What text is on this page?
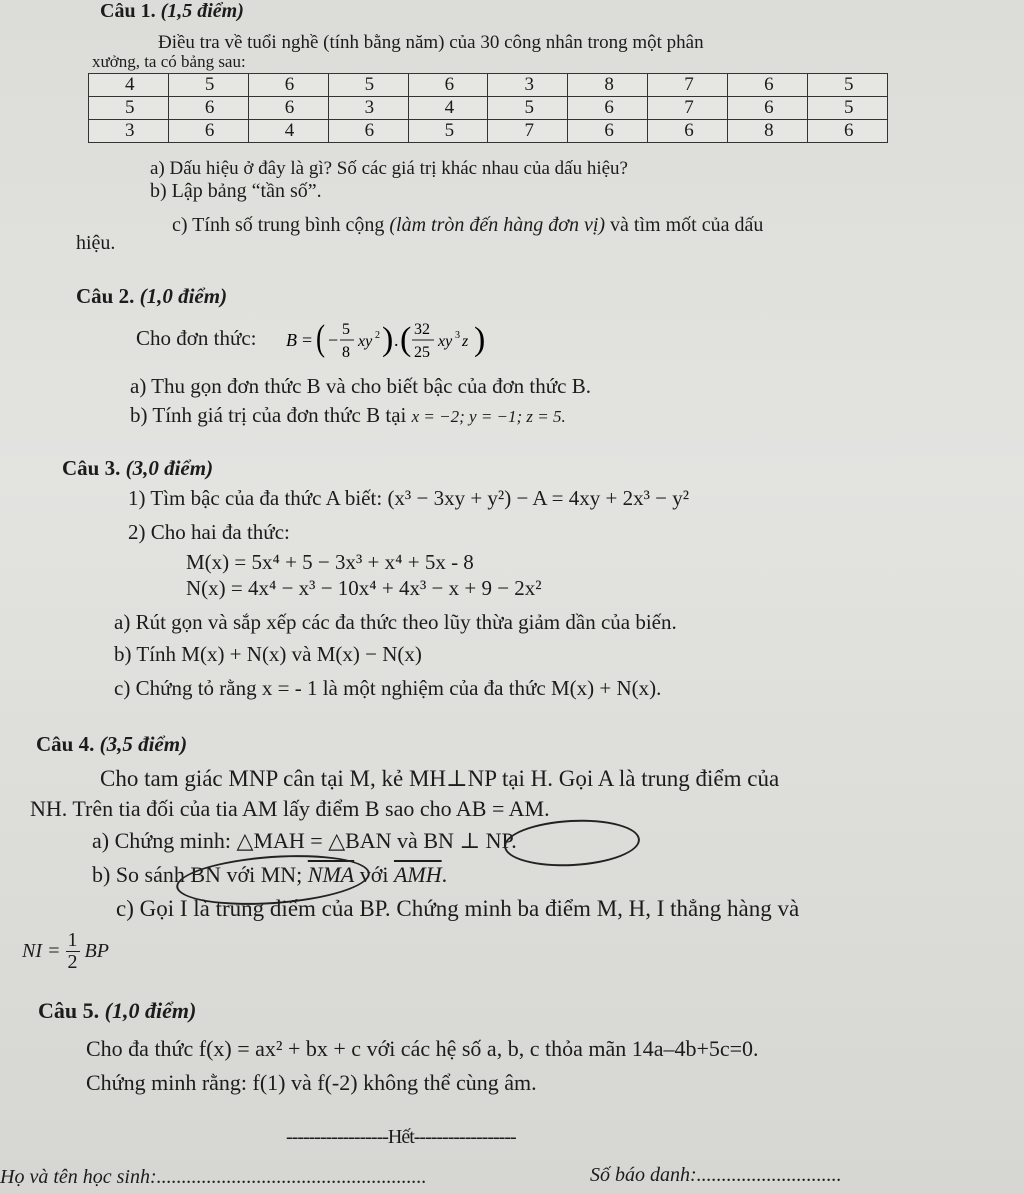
Câu 1. (1,5 điểm)
Điều tra về tuổi nghề (tính bằng năm) của 30 công nhân trong một phân
xưởng, ta có bảng sau:
4	5	6	5	6	3	8	7	6	5
5	6	6	3	4	5	6	7	6	5
3	6	4	6	5	7	6	6	8	6
a) Dấu hiệu ở đây là gì? Số các giá trị khác nhau của dấu hiệu?
b) Lập bảng “tần số”.
c) Tính số trung bình cộng (làm tròn đến hàng đơn vị) và tìm mốt của dấu
hiệu.
Câu 2. (1,0 điểm)
Cho đơn thức: B = ( −
5
8
xy 2 ) . ( 32
25
xy 3 z )
a) Thu gọn đơn thức B và cho biết bậc của đơn thức B.
b) Tính giá trị của đơn thức B tại x = −2; y = −1; z = 5.
Câu 3. (3,0 điểm)
1) Tìm bậc của đa thức A biết: (x³ − 3xy + y²) − A = 4xy + 2x³ − y²
2) Cho hai đa thức:
M(x) = 5x⁴ + 5 − 3x³ + x⁴ + 5x - 8
N(x) = 4x⁴ − x³ − 10x⁴ + 4x³ − x + 9 − 2x²
a) Rút gọn và sắp xếp các đa thức theo lũy thừa giảm dần của biến.
b) Tính M(x) + N(x) và M(x) − N(x)
c) Chứng tỏ rằng x = - 1 là một nghiệm của đa thức M(x) + N(x).
Câu 4. (3,5 điểm)
Cho tam giác MNP cân tại M, kẻ MH⊥NP tại H. Gọi A là trung điểm của
NH. Trên tia đối của tia AM lấy điểm B sao cho AB = AM.
a) Chứng minh: △MAH = △BAN và BN ⊥ NP.
b) So sánh BN với MN; $\overline{NMA}$ với $\overline{AMH}$.
c) Gọi I là trung điểm của BP. Chứng minh ba điểm M, H, I thẳng hàng và
NI = $\frac{1}{2}$ BP
Câu 5. (1,0 điểm)
Cho đa thức f(x) = ax² + bx + c với các hệ số a, b, c thỏa mãn 14a–4b+5c=0.
Chứng minh rằng: f(1) và f(-2) không thể cùng âm.
------------------Hết------------------
Họ và tên học sinh:......................................................	Số báo danh:.............................
